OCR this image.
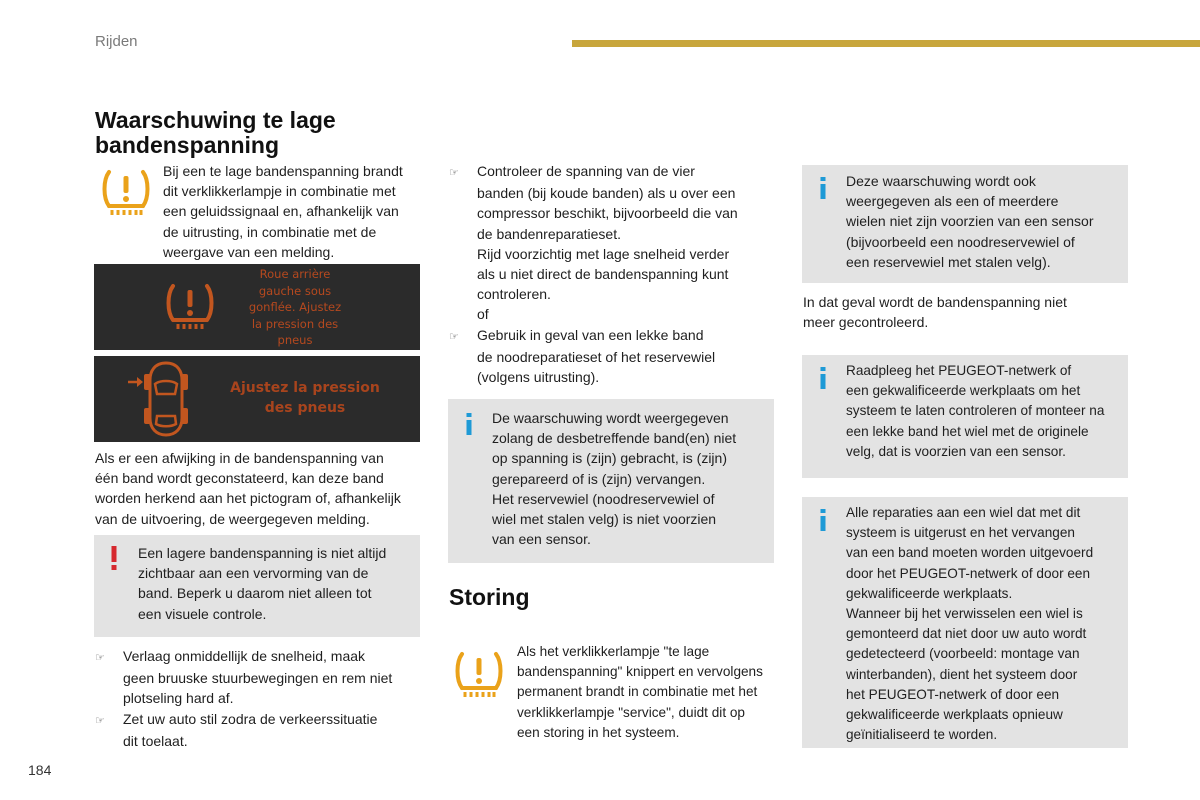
Rijden
Waarschuwing te lage
bandenspanning
Bij een te lage bandenspanning brandt
dit verklikkerlampje in combinatie met
een geluidssignaal en, afhankelijk van
de uitrusting, in combinatie met de
weergave van een melding.
Roue arrière
gauche sous
gonflée. Ajustez
la pression des
pneus
Ajustez la pression
des pneus
Als er een afwijking in de bandenspanning van
één band wordt geconstateerd, kan deze band
worden herkend aan het pictogram of, afhankelijk
van de uitvoering, de weergegeven melding.
Een lagere bandenspanning is niet altijd
zichtbaar aan een vervorming van de
band. Beperk u daarom niet alleen tot
een visuele controle.
☞	Verlaag onmiddellijk de snelheid, maak
geen bruuske stuurbewegingen en rem niet
plotseling hard af.
☞	Zet uw auto stil zodra de verkeerssituatie
dit toelaat.
☞	Controleer de spanning van de vier
banden (bij koude banden) als u over een
compressor beschikt, bijvoorbeeld die van
de bandenreparatieset.
Rijd voorzichtig met lage snelheid verder
als u niet direct de bandenspanning kunt
controleren.
of
☞	Gebruik in geval van een lekke band
de noodreparatieset of het reservewiel
(volgens uitrusting).
De waarschuwing wordt weergegeven
zolang de desbetreffende band(en) niet
op spanning is (zijn) gebracht, is (zijn)
gerepareerd of is (zijn) vervangen.
Het reservewiel (noodreservewiel of
wiel met stalen velg) is niet voorzien
van een sensor.
Storing
Als het verklikkerlampje "te lage
bandenspanning" knippert en vervolgens
permanent brandt in combinatie met het
verklikkerlampje "service", duidt dit op
een storing in het systeem.
Deze waarschuwing wordt ook
weergegeven als een of meerdere
wielen niet zijn voorzien van een sensor
(bijvoorbeeld een noodreservewiel of
een reservewiel met stalen velg).
In dat geval wordt de bandenspanning niet
meer gecontroleerd.
Raadpleeg het PEUGEOT-netwerk of
een gekwalificeerde werkplaats om het
systeem te laten controleren of monteer na
een lekke band het wiel met de originele
velg, dat is voorzien van een sensor.
Alle reparaties aan een wiel dat met dit
systeem is uitgerust en het vervangen
van een band moeten worden uitgevoerd
door het PEUGEOT-netwerk of door een
gekwalificeerde werkplaats.
Wanneer bij het verwisselen een wiel is
gemonteerd dat niet door uw auto wordt
gedetecteerd (voorbeeld: montage van
winterbanden), dient het systeem door
het PEUGEOT-netwerk of door een
gekwalificeerde werkplaats opnieuw
geïnitialiseerd te worden.
184
